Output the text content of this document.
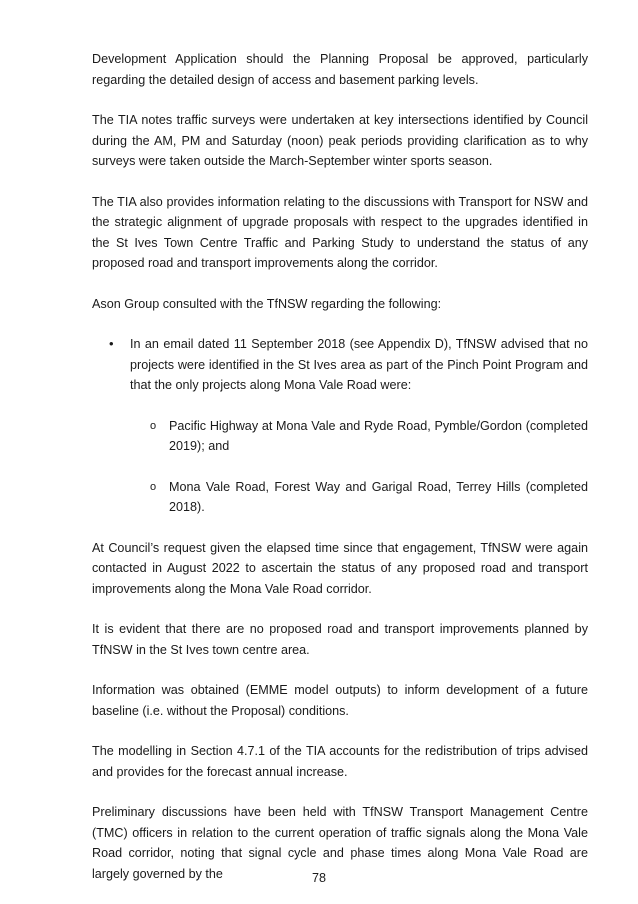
Development Application should the Planning Proposal be approved, particularly regarding the detailed design of access and basement parking levels.

The TIA notes traffic surveys were undertaken at key intersections identified by Council during the AM, PM and Saturday (noon) peak periods providing clarification as to why surveys were taken outside the March-September winter sports season.

The TIA also provides information relating to the discussions with Transport for NSW and the strategic alignment of upgrade proposals with respect to the upgrades identified in the St Ives Town Centre Traffic and Parking Study to understand the status of any proposed road and transport improvements along the corridor.

Ason Group consulted with the TfNSW regarding the following:

• In an email dated 11 September 2018 (see Appendix D), TfNSW advised that no projects were identified in the St Ives area as part of the Pinch Point Program and that the only projects along Mona Vale Road were:
o Pacific Highway at Mona Vale and Ryde Road, Pymble/Gordon (completed 2019); and
o Mona Vale Road, Forest Way and Garigal Road, Terrey Hills (completed 2018).

At Council’s request given the elapsed time since that engagement, TfNSW were again contacted in August 2022 to ascertain the status of any proposed road and transport improvements along the Mona Vale Road corridor.

It is evident that there are no proposed road and transport improvements planned by TfNSW in the St Ives town centre area.

Information was obtained (EMME model outputs) to inform development of a future baseline (i.e. without the Proposal) conditions.

The modelling in Section 4.7.1 of the TIA accounts for the redistribution of trips advised and provides for the forecast annual increase.

Preliminary discussions have been held with TfNSW Transport Management Centre (TMC) officers in relation to the current operation of traffic signals along the Mona Vale Road corridor, noting that signal cycle and phase times along Mona Vale Road are largely governed by the	78
